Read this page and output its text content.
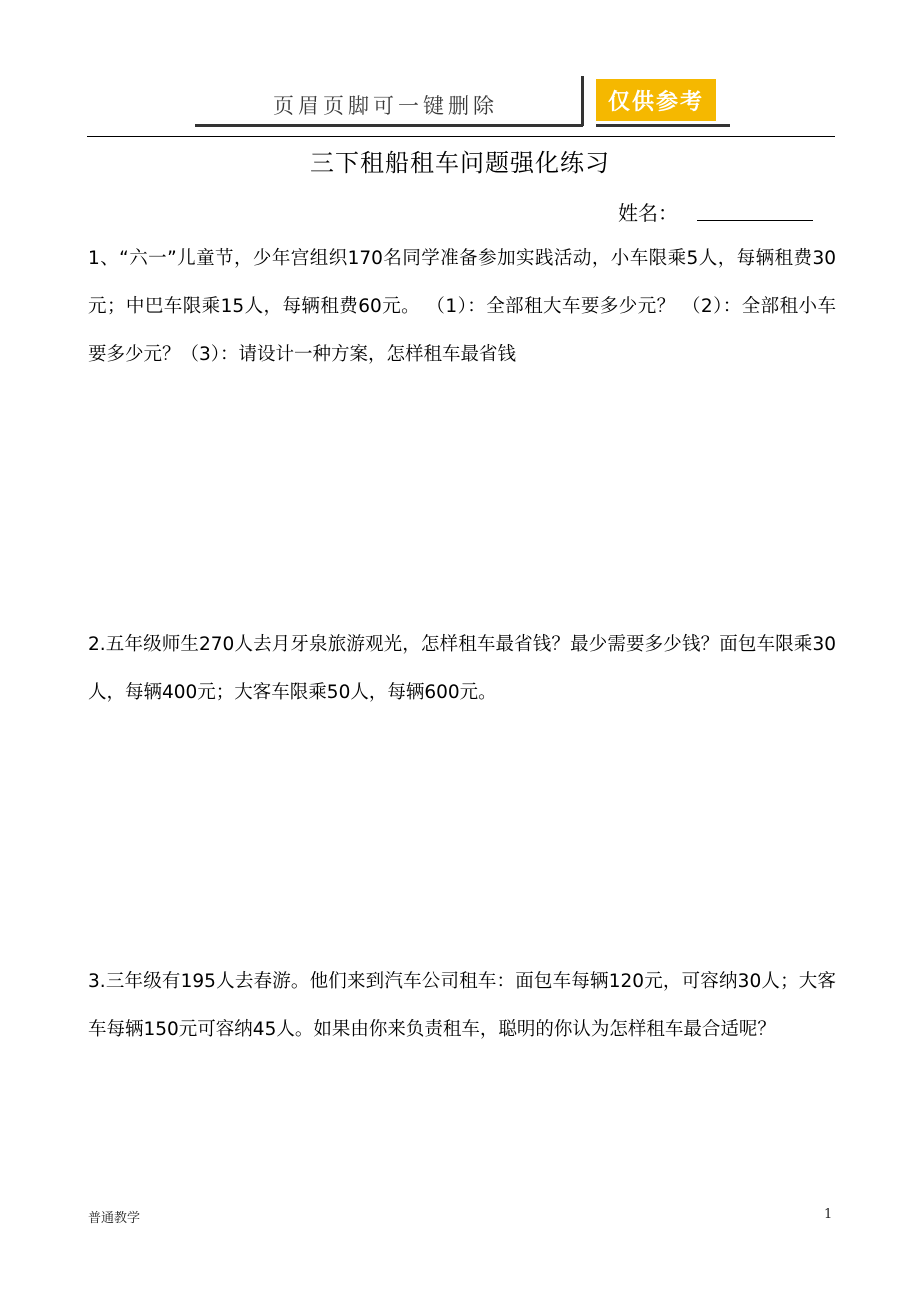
页眉页脚可一键删除	仅供参考
三下租船租车问题强化练习
姓名：
1、“六一”儿童节，少年宫组织170名同学准备参加实践活动，小车限乘5人，每辆租费30元；中巴车限乘15人，每辆租费60元。 （1）：全部租大车要多少元？ （2）：全部租小车要多少元？（3）：请设计一种方案，怎样租车最省钱
2.五年级师生270人去月牙泉旅游观光，怎样租车最省钱？最少需要多少钱？面包车限乘30人，每辆400元；大客车限乘50人，每辆600元。
3.三年级有195人去春游。他们来到汽车公司租车：面包车每辆120元，可容纳30人；大客车每辆150元可容纳45人。如果由你来负责租车，聪明的你认为怎样租车最合适呢？
普通教学	1
